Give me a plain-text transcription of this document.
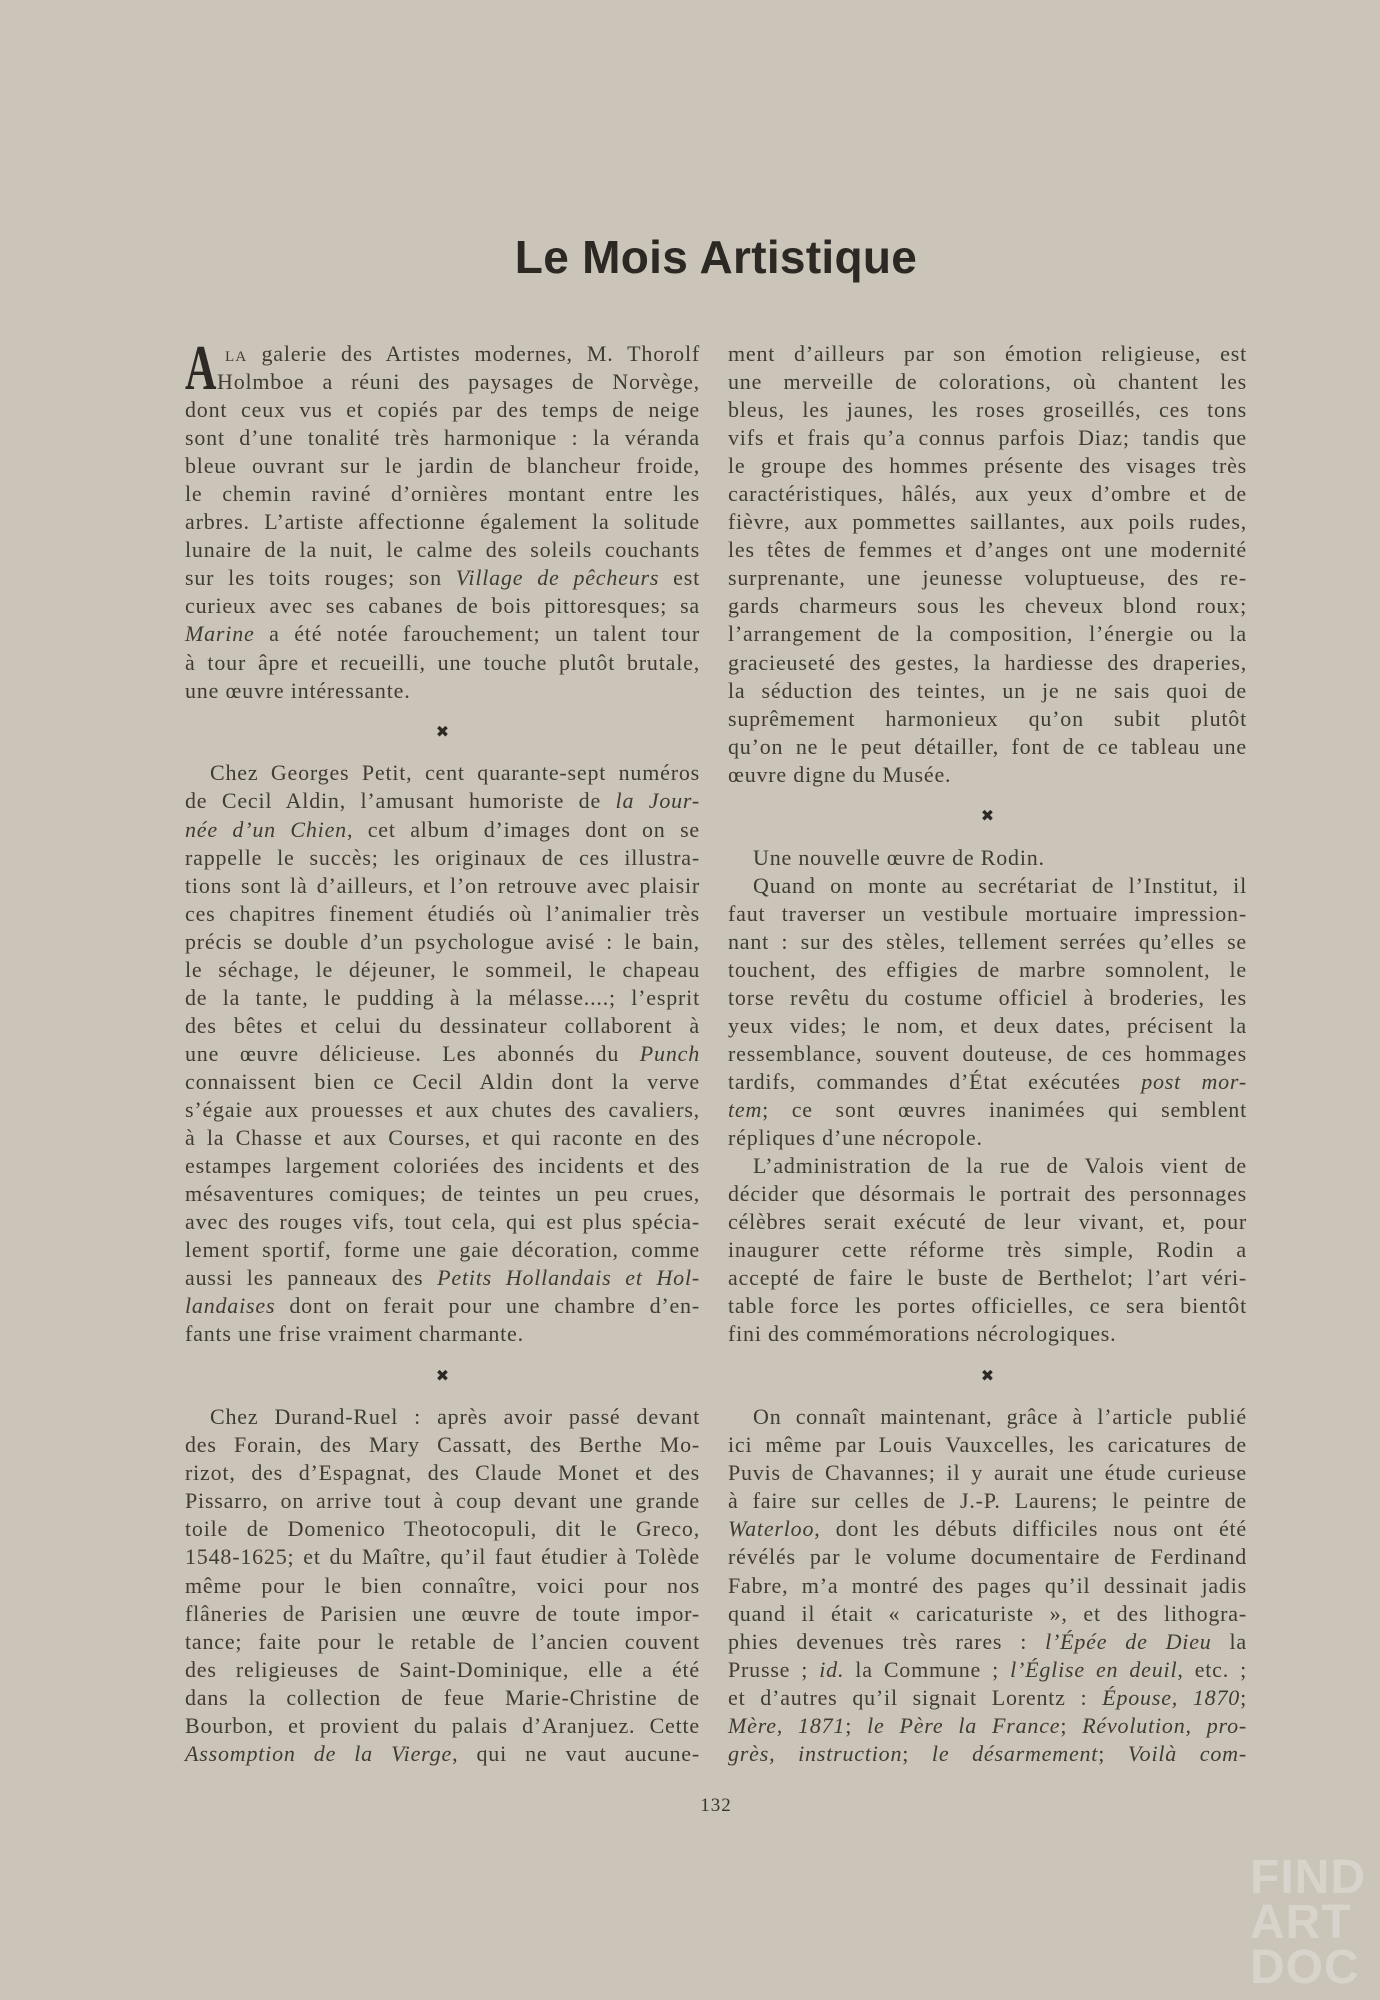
Le Mois Artistique
A la galerie des Artistes modernes, M. Thorolf
Holmboe a réuni des paysages de Norvège,
dont ceux vus et copiés par des temps de neige
sont d’une tonalité très harmonique : la véranda
bleue ouvrant sur le jardin de blancheur froide,
le chemin raviné d’ornières montant entre les
arbres. L’artiste affectionne également la solitude
lunaire de la nuit, le calme des soleils couchants
sur les toits rouges; son Village de pêcheurs est
curieux avec ses cabanes de bois pittoresques; sa
Marine a été notée farouchement; un talent tour
à tour âpre et recueilli, une touche plutôt brutale,
une œuvre intéressante.
✖
Chez Georges Petit, cent quarante-sept numéros
de Cecil Aldin, l’amusant humoriste de la Jour-
née d’un Chien, cet album d’images dont on se
rappelle le succès; les originaux de ces illustra-
tions sont là d’ailleurs, et l’on retrouve avec plaisir
ces chapitres finement étudiés où l’animalier très
précis se double d’un psychologue avisé : le bain,
le séchage, le déjeuner, le sommeil, le chapeau
de la tante, le pudding à la mélasse....; l’esprit
des bêtes et celui du dessinateur collaborent à
une œuvre délicieuse. Les abonnés du Punch
connaissent bien ce Cecil Aldin dont la verve
s’égaie aux prouesses et aux chutes des cavaliers,
à la Chasse et aux Courses, et qui raconte en des
estampes largement coloriées des incidents et des
mésaventures comiques; de teintes un peu crues,
avec des rouges vifs, tout cela, qui est plus spécia-
lement sportif, forme une gaie décoration, comme
aussi les panneaux des Petits Hollandais et Hol-
landaises dont on ferait pour une chambre d’en-
fants une frise vraiment charmante.
✖
Chez Durand-Ruel : après avoir passé devant
des Forain, des Mary Cassatt, des Berthe Mo-
rizot, des d’Espagnat, des Claude Monet et des
Pissarro, on arrive tout à coup devant une grande
toile de Domenico Theotocopuli, dit le Greco,
1548-1625; et du Maître, qu’il faut étudier à Tolède
même pour le bien connaître, voici pour nos
flâneries de Parisien une œuvre de toute impor-
tance; faite pour le retable de l’ancien couvent
des religieuses de Saint-Dominique, elle a été
dans la collection de feue Marie-Christine de
Bourbon, et provient du palais d’Aranjuez. Cette
Assomption de la Vierge, qui ne vaut aucune-
ment d’ailleurs par son émotion religieuse, est
une merveille de colorations, où chantent les
bleus, les jaunes, les roses groseillés, ces tons
vifs et frais qu’a connus parfois Diaz; tandis que
le groupe des hommes présente des visages très
caractéristiques, hâlés, aux yeux d’ombre et de
fièvre, aux pommettes saillantes, aux poils rudes,
les têtes de femmes et d’anges ont une modernité
surprenante, une jeunesse voluptueuse, des re-
gards charmeurs sous les cheveux blond roux;
l’arrangement de la composition, l’énergie ou la
gracieuseté des gestes, la hardiesse des draperies,
la séduction des teintes, un je ne sais quoi de
suprêmement harmonieux qu’on subit plutôt
qu’on ne le peut détailler, font de ce tableau une
œuvre digne du Musée.
✖
Une nouvelle œuvre de Rodin.
Quand on monte au secrétariat de l’Institut, il
faut traverser un vestibule mortuaire impression-
nant : sur des stèles, tellement serrées qu’elles se
touchent, des effigies de marbre somnolent, le
torse revêtu du costume officiel à broderies, les
yeux vides; le nom, et deux dates, précisent la
ressemblance, souvent douteuse, de ces hommages
tardifs, commandes d’État exécutées post mor-
tem; ce sont œuvres inanimées qui semblent
répliques d’une nécropole.
L’administration de la rue de Valois vient de
décider que désormais le portrait des personnages
célèbres serait exécuté de leur vivant, et, pour
inaugurer cette réforme très simple, Rodin a
accepté de faire le buste de Berthelot; l’art véri-
table force les portes officielles, ce sera bientôt
fini des commémorations nécrologiques.
✖
On connaît maintenant, grâce à l’article publié
ici même par Louis Vauxcelles, les caricatures de
Puvis de Chavannes; il y aurait une étude curieuse
à faire sur celles de J.-P. Laurens; le peintre de
Waterloo, dont les débuts difficiles nous ont été
révélés par le volume documentaire de Ferdinand
Fabre, m’a montré des pages qu’il dessinait jadis
quand il était « caricaturiste », et des lithogra-
phies devenues très rares : l’Épée de Dieu la
Prusse ; id. la Commune ; l’Église en deuil, etc. ;
et d’autres qu’il signait Lorentz : Épouse, 1870;
Mère, 1871; le Père la France; Révolution, pro-
grès, instruction; le désarmement; Voilà com-
132
FIND
ART
DOC
